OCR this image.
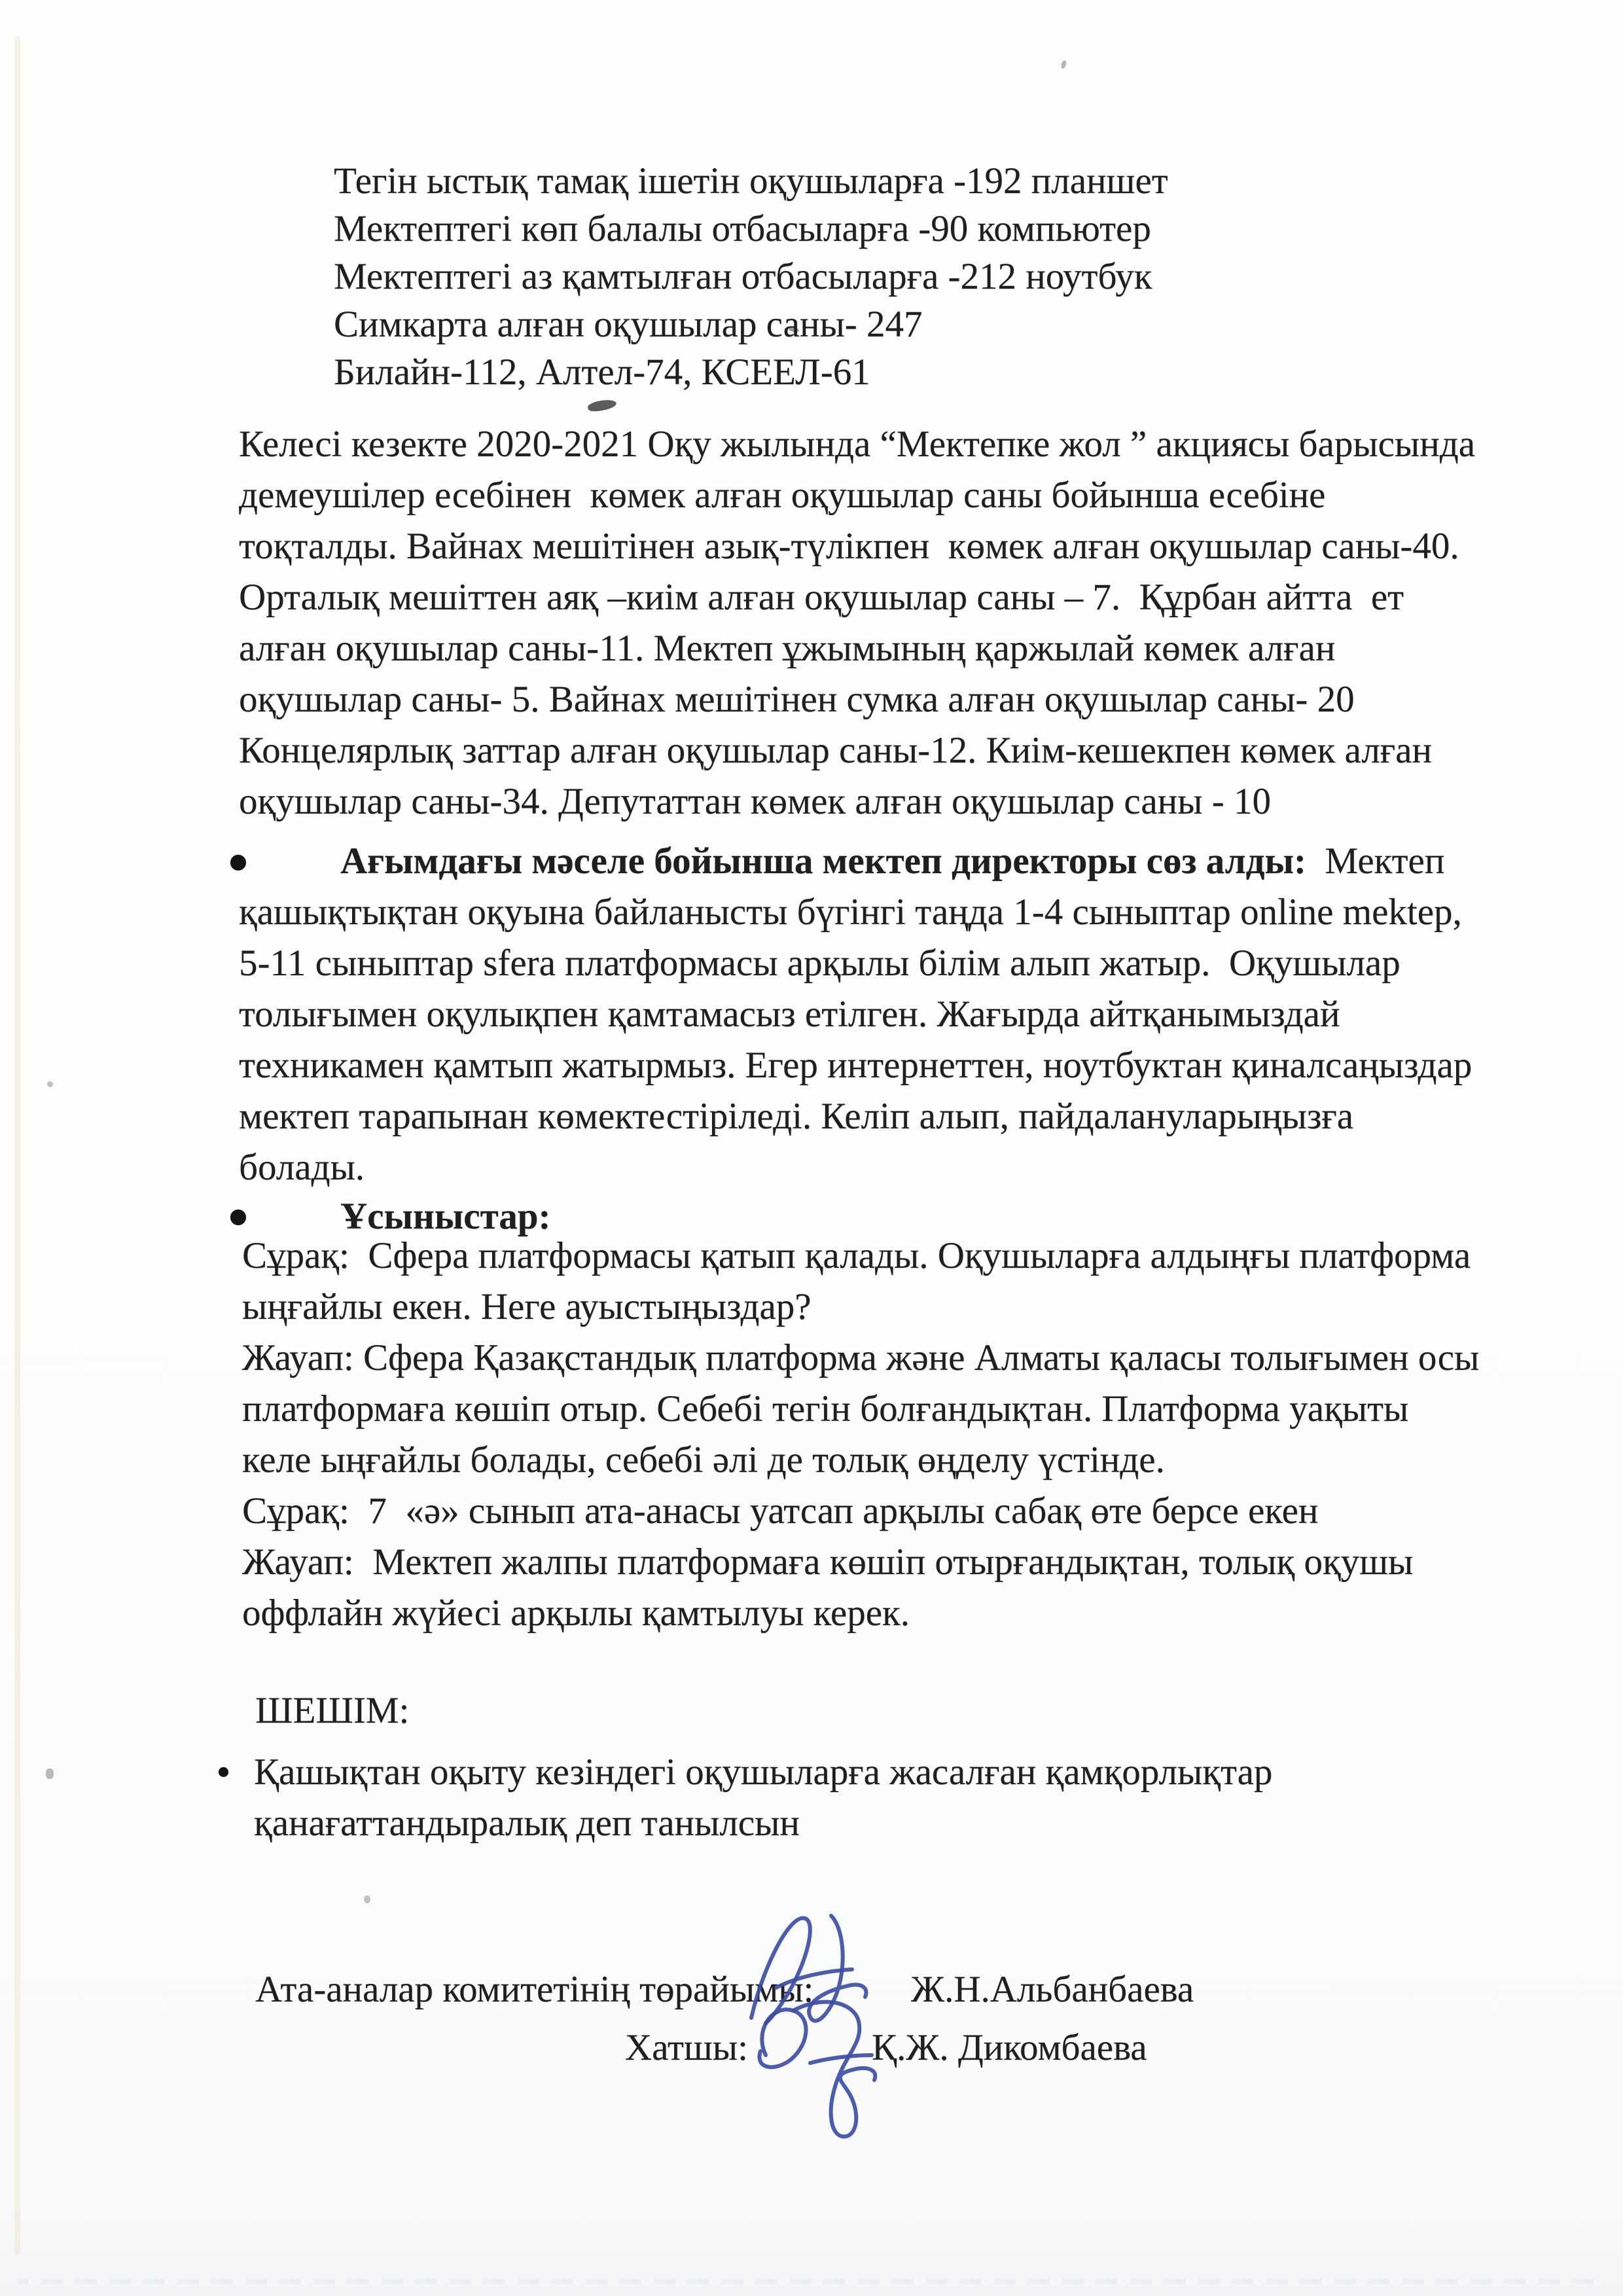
Тегін ыстық тамақ ішетін оқушыларға -192 планшет
Мектептегі көп балалы отбасыларға -90 компьютер
Мектептегі аз қамтылған отбасыларға -212 ноутбук
Симкарта алған оқушылар саны- 247
Билайн-112, Алтел-74, КСЕЕЛ-61
Келесі кезекте 2020-2021 Оқу жылында “Мектепке жол ” акциясы барысында
демеушілер есебінен  көмек алған оқушылар саны бойынша есебіне
тоқталды. Вайнах мешітінен азық-түлікпен  көмек алған оқушылар саны-40.
Орталық мешіттен аяқ –киім алған оқушылар саны – 7.  Құрбан айтта  ет
алған оқушылар саны-11. Мектеп ұжымының қаржылай көмек алған
оқушылар саны- 5. Вайнах мешітінен сумка алған оқушылар саны- 20
Концелярлық заттар алған оқушылар саны-12. Киім-кешекпен көмек алған
оқушылар саны-34. Депутаттан көмек алған оқушылар саны - 10
Ағымдағы мәселе бойынша мектеп директоры сөз алды:  Мектеп
қашықтықтан оқуына байланысты бүгінгі таңда 1-4 сыныптар online mektep,
5-11 сыныптар sfera платформасы арқылы білім алып жатыр.  Оқушылар
толығымен оқулықпен қамтамасыз етілген. Жағырда айтқанымыздай
техникамен қамтып жатырмыз. Егер интернеттен, ноутбуктан қиналсаңыздар
мектеп тарапынан көмектестіріледі. Келіп алып, пайдалануларыңызға
болады.
Ұсыныстар:
Сұрақ:  Сфера платформасы қатып қалады. Оқушыларға алдыңғы платформа
ыңғайлы екен. Неге ауыстыңыздар?
Жауап: Сфера Қазақстандық платформа және Алматы қаласы толығымен осы
платформаға көшіп отыр. Себебі тегін болғандықтан. Платформа уақыты
келе ыңғайлы болады, себебі әлі де толық өңделу үстінде.
Сұрақ:  7  «ә» сынып ата-анасы уатсап арқылы сабақ өте берсе екен
Жауап:  Мектеп жалпы платформаға көшіп отырғандықтан, толық оқушы
оффлайн жүйесі арқылы қамтылуы керек.
ШЕШІМ:
Қашықтан оқыту кезіндегі оқушыларға жасалған қамқорлықтар
қанағаттандыралық деп танылсын
Ата-аналар комитетінің төрайымы:	Ж.Н.Альбанбаева
Хатшы:	Қ.Ж. Дикомбаева
